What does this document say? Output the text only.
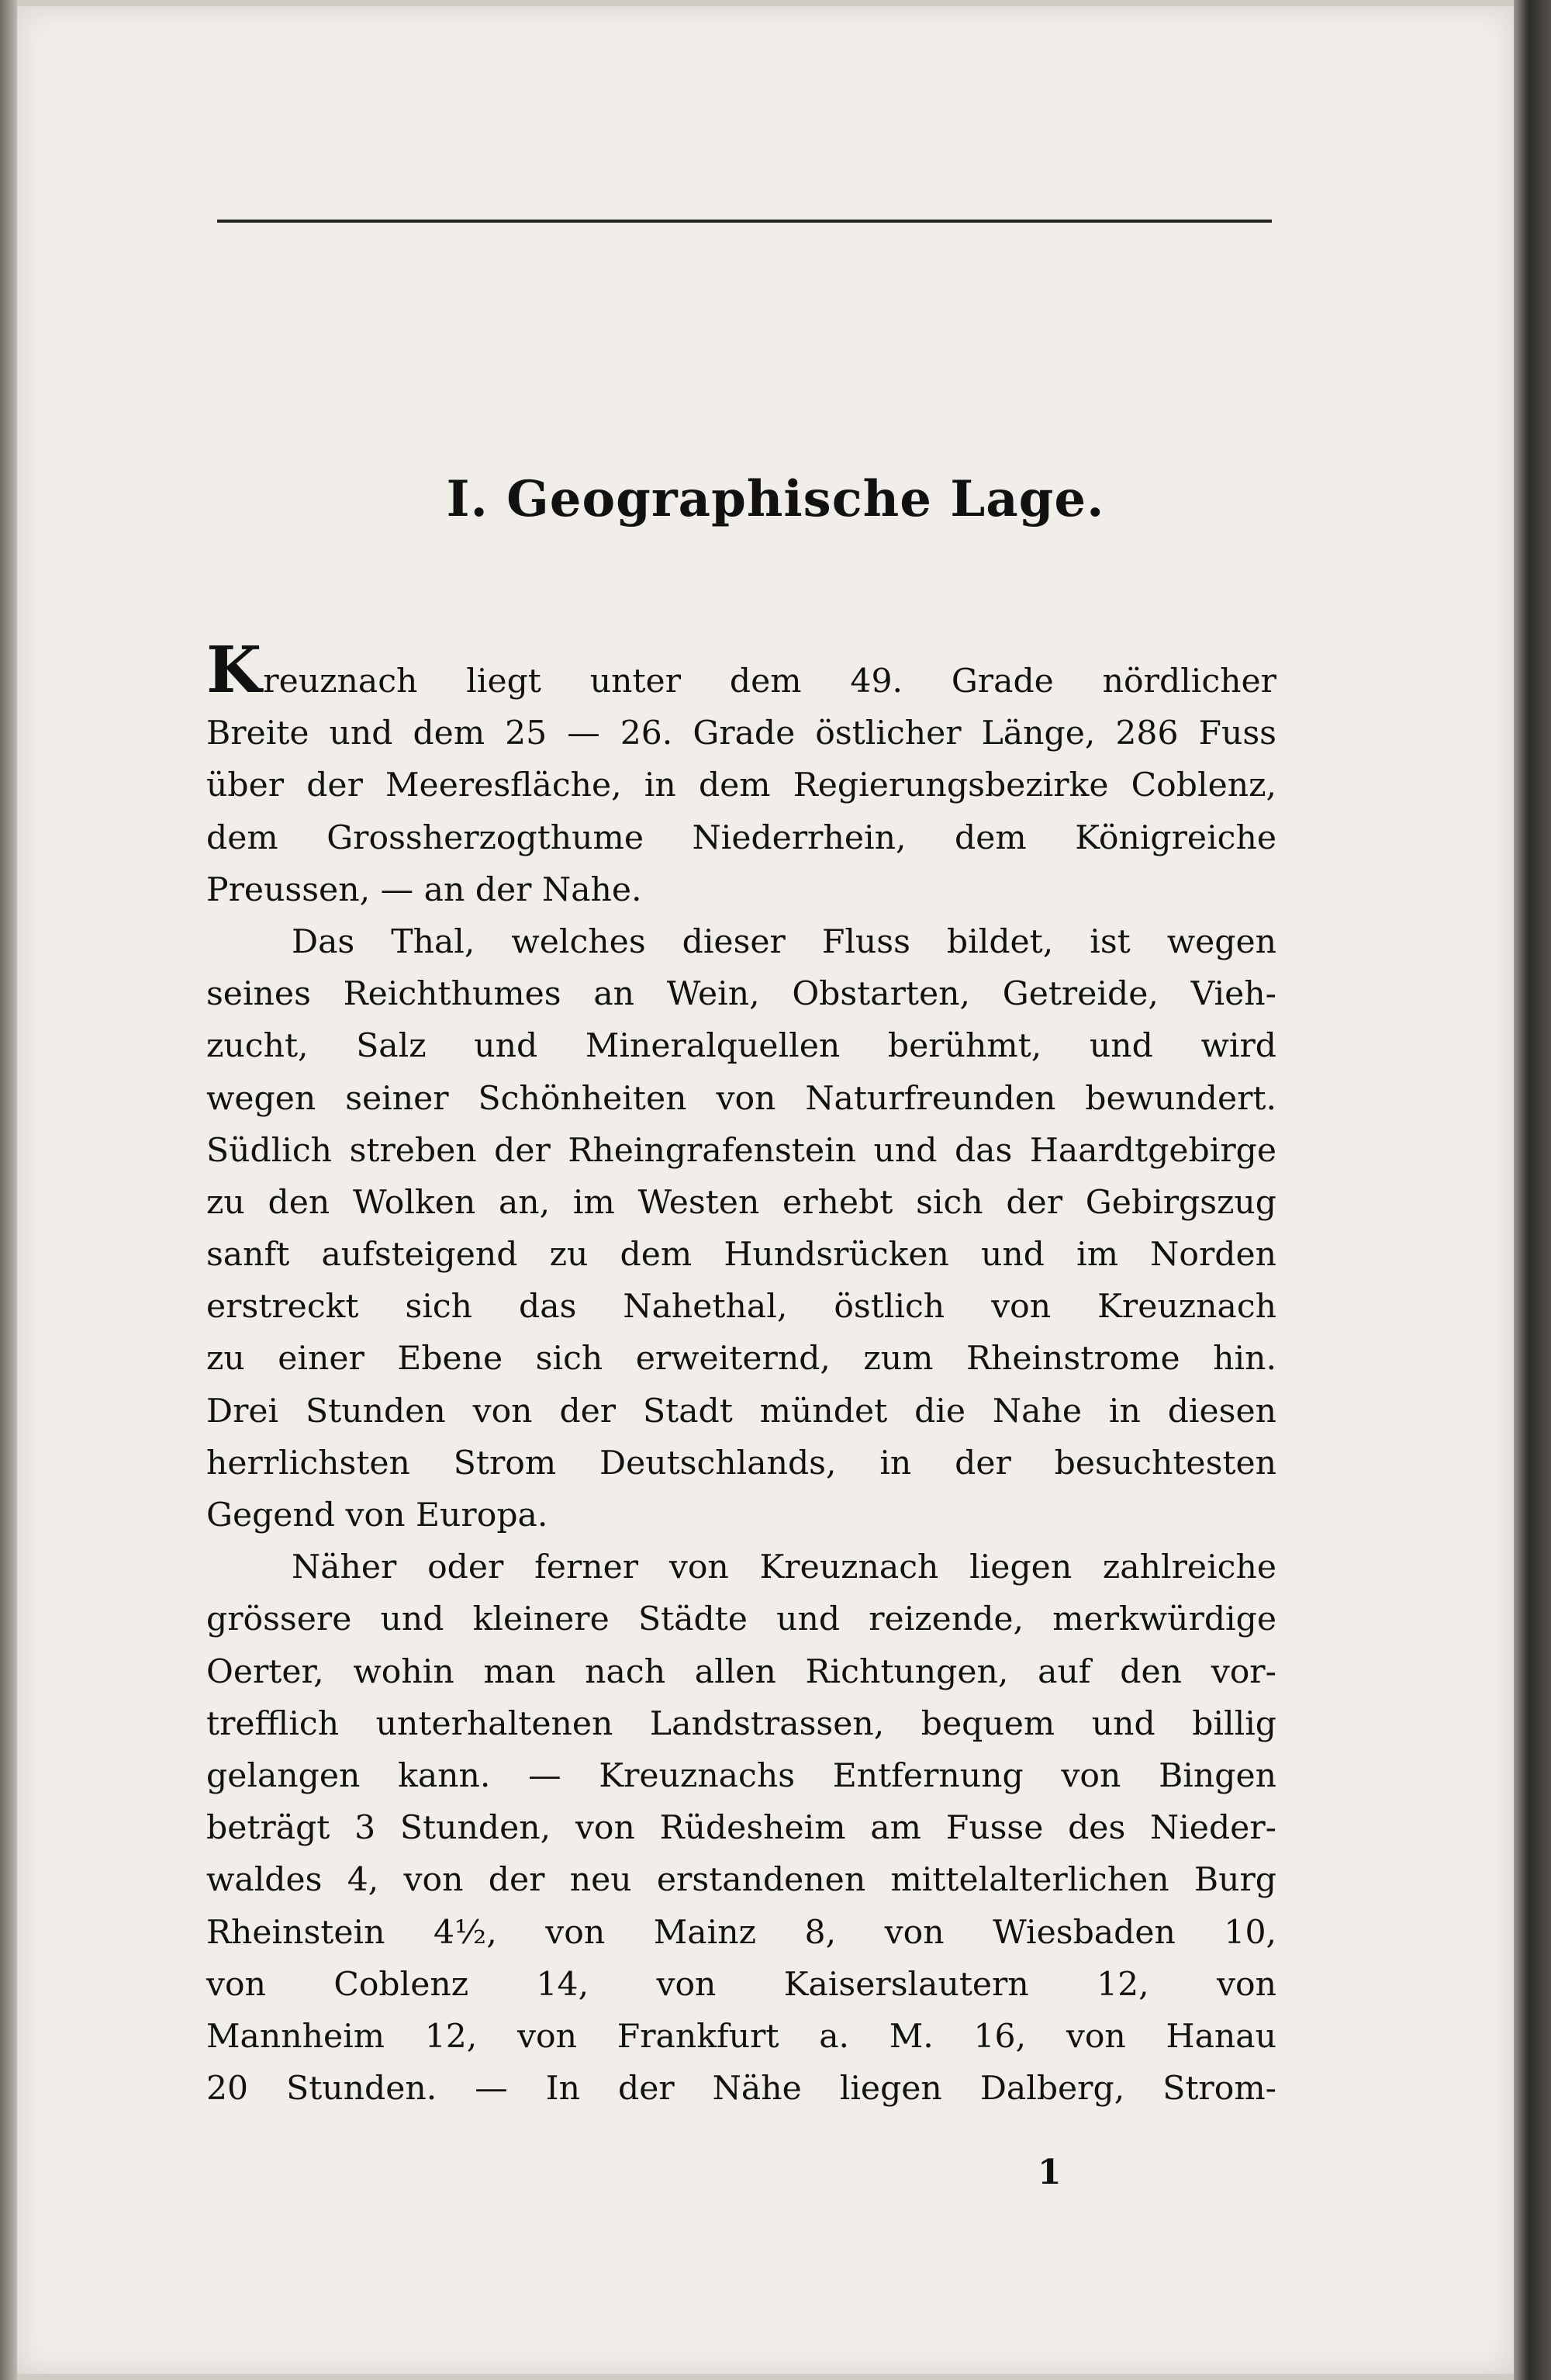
I. Geographische Lage.
Kreuznach liegt unter dem 49. Grade nördlicher
Breite und dem 25 — 26. Grade östlicher Länge, 286 Fuss
über der Meeresfläche, in dem Regierungsbezirke Coblenz,
dem Grossherzogthume Niederrhein, dem Königreiche
Preussen, — an der Nahe.
Das Thal, welches dieser Fluss bildet, ist wegen
seines Reichthumes an Wein, Obstarten, Getreide, Vieh-
zucht, Salz und Mineralquellen berühmt, und wird
wegen seiner Schönheiten von Naturfreunden bewundert.
Südlich streben der Rheingrafenstein und das Haardtgebirge
zu den Wolken an, im Westen erhebt sich der Gebirgszug
sanft aufsteigend zu dem Hundsrücken und im Norden
erstreckt sich das Nahethal, östlich von Kreuznach
zu einer Ebene sich erweiternd, zum Rheinstrome hin.
Drei Stunden von der Stadt mündet die Nahe in diesen
herrlichsten Strom Deutschlands, in der besuchtesten
Gegend von Europa.
Näher oder ferner von Kreuznach liegen zahlreiche
grössere und kleinere Städte und reizende, merkwürdige
Oerter, wohin man nach allen Richtungen, auf den vor-
trefflich unterhaltenen Landstrassen, bequem und billig
gelangen kann. — Kreuznachs Entfernung von Bingen
beträgt 3 Stunden, von Rüdesheim am Fusse des Nieder-
waldes 4, von der neu erstandenen mittelalterlichen Burg
Rheinstein 4½, von Mainz 8, von Wiesbaden 10,
von Coblenz 14, von Kaiserslautern 12, von
Mannheim 12, von Frankfurt a. M. 16, von Hanau
20 Stunden. — In der Nähe liegen Dalberg, Strom-
1
